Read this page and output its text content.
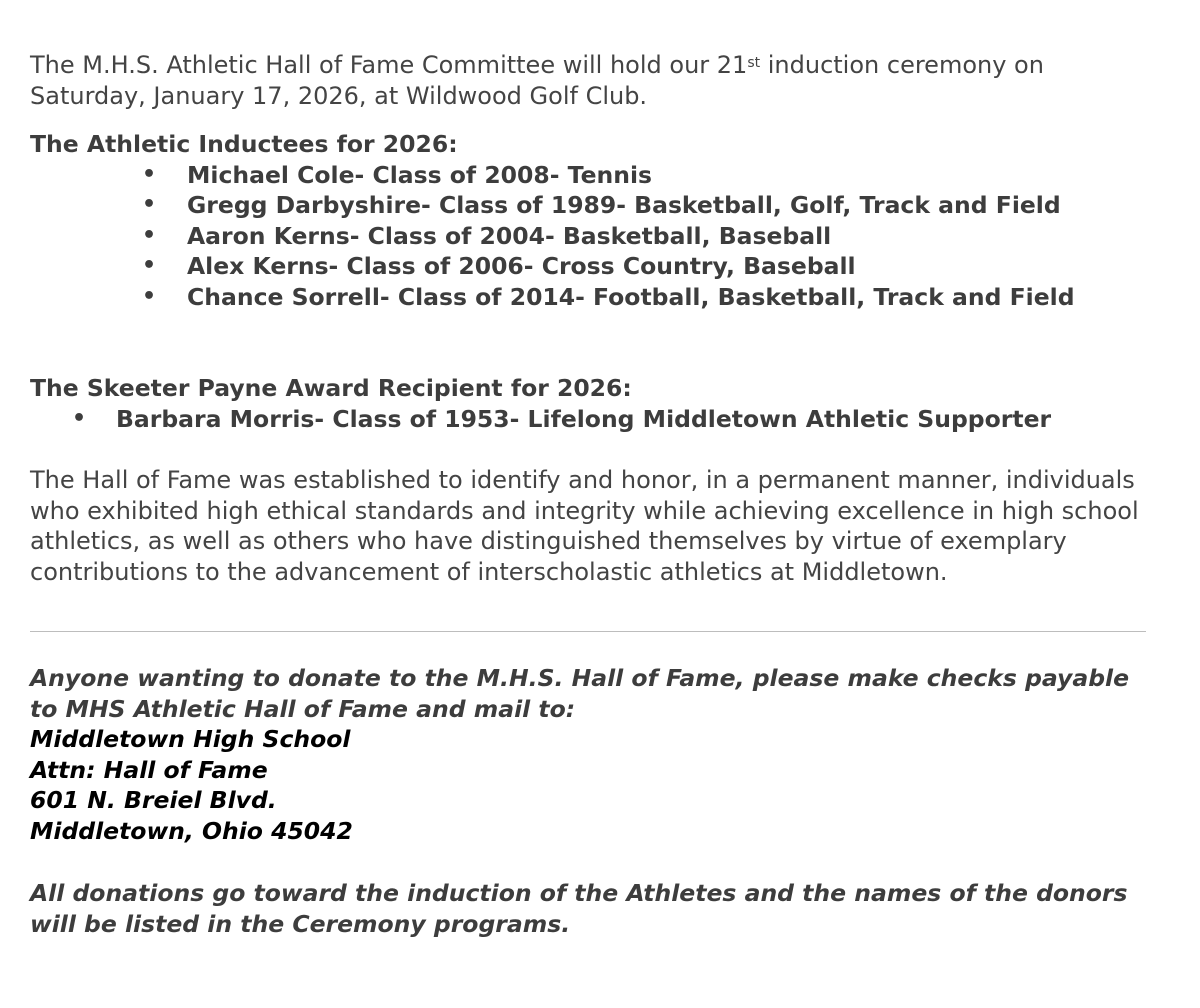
The M.H.S. Athletic Hall of Fame Committee will hold our 21st induction ceremony on Saturday, January 17, 2026, at Wildwood Golf Club.

The Athletic Inductees for 2026:

• Michael Cole- Class of 2008- Tennis
• Gregg Darbyshire- Class of 1989- Basketball, Golf, Track and Field
• Aaron Kerns- Class of 2004- Basketball, Baseball
• Alex Kerns- Class of 2006- Cross Country, Baseball
• Chance Sorrell- Class of 2014- Football, Basketball, Track and Field

The Skeeter Payne Award Recipient for 2026:

• Barbara Morris- Class of 1953- Lifelong Middletown Athletic Supporter

The Hall of Fame was established to identify and honor, in a permanent manner, individuals who exhibited high ethical standards and integrity while achieving excellence in high school athletics, as well as others who have distinguished themselves by virtue of exemplary contributions to the advancement of interscholastic athletics at Middletown.

Anyone wanting to donate to the M.H.S. Hall of Fame, please make checks payable to MHS Athletic Hall of Fame and mail to:

Middletown High School
Attn: Hall of Fame
601 N. Breiel Blvd.
Middletown, Ohio 45042

All donations go toward the induction of the Athletes and the names of the donors will be listed in the Ceremony programs.
